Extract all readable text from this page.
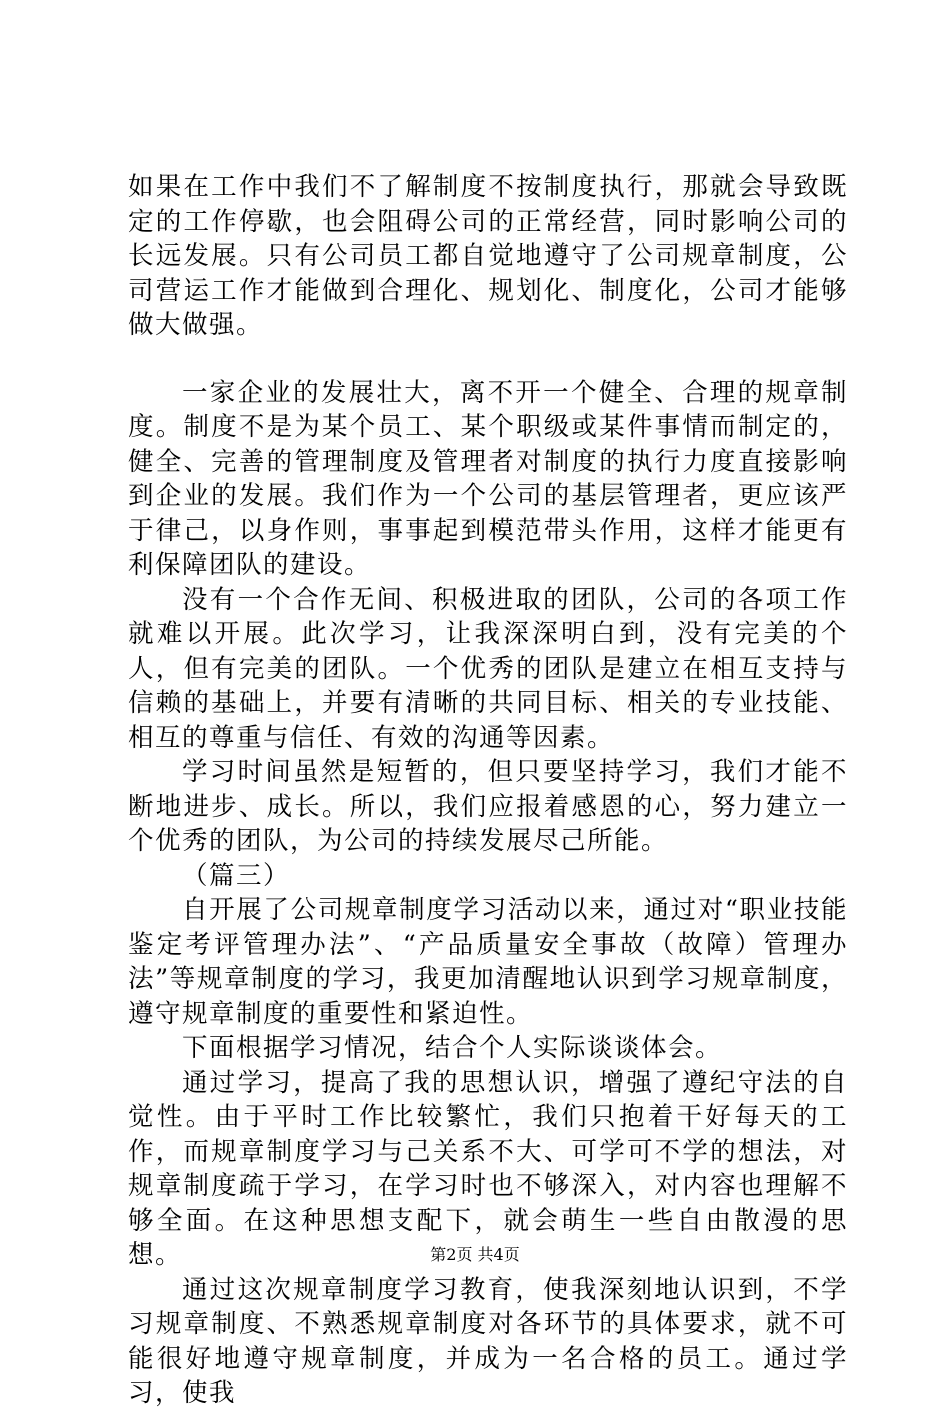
如果在工作中我们不了解制度不按制度执行，那就会导致既定的工作停歇，也会阻碍公司的正常经营，同时影响公司的长远发展。只有公司员工都自觉地遵守了公司规章制度，公司营运工作才能做到合理化、规划化、制度化，公司才能够做大做强。

一家企业的发展壮大，离不开一个健全、合理的规章制度。制度不是为某个员工、某个职级或某件事情而制定的，健全、完善的管理制度及管理者对制度的执行力度直接影响到企业的发展。我们作为一个公司的基层管理者，更应该严于律己，以身作则，事事起到模范带头作用，这样才能更有利保障团队的建设。

没有一个合作无间、积极进取的团队，公司的各项工作就难以开展。此次学习，让我深深明白到，没有完美的个人，但有完美的团队。一个优秀的团队是建立在相互支持与信赖的基础上，并要有清晰的共同目标、相关的专业技能、相互的尊重与信任、有效的沟通等因素。

学习时间虽然是短暂的，但只要坚持学习，我们才能不断地进步、成长。所以，我们应报着感恩的心，努力建立一个优秀的团队，为公司的持续发展尽己所能。

（篇三）

自开展了公司规章制度学习活动以来，通过对“职业技能鉴定考评管理办法”、“产品质量安全事故（故障）管理办法”等规章制度的学习，我更加清醒地认识到学习规章制度，遵守规章制度的重要性和紧迫性。

下面根据学习情况，结合个人实际谈谈体会。

通过学习，提高了我的思想认识，增强了遵纪守法的自觉性。由于平时工作比较繁忙，我们只抱着干好每天的工作，而规章制度学习与己关系不大、可学可不学的想法，对规章制度疏于学习，在学习时也不够深入，对内容也理解不够全面。在这种思想支配下，就会萌生一些自由散漫的思想。

通过这次规章制度学习教育，使我深刻地认识到，不学习规章制度、不熟悉规章制度对各环节的具体要求，就不可能很好地遵守规章制度，并成为一名合格的员工。通过学习，使我

第2页 共4页
